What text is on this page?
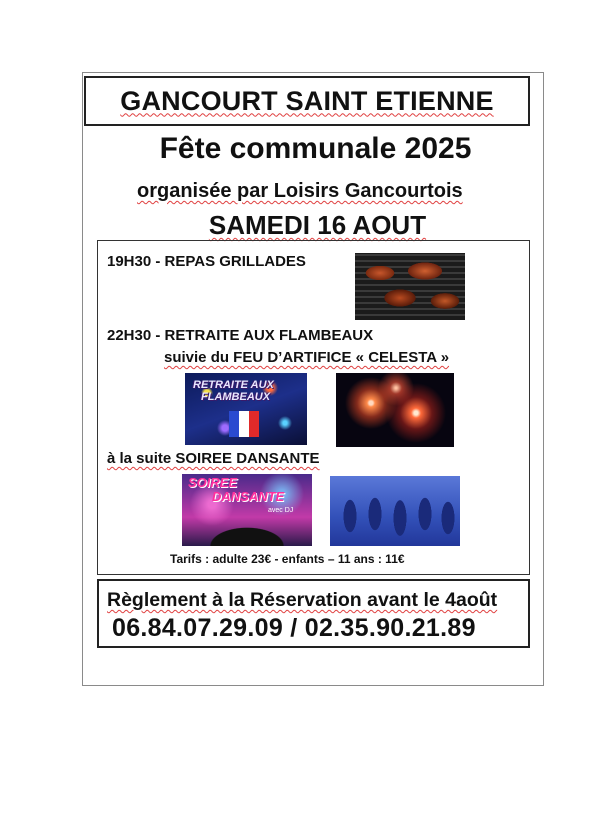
GANCOURT SAINT ETIENNE
Fête communale 2025
organisée par Loisirs Gancourtois
SAMEDI 16 AOUT
19H30 - REPAS GRILLADES
22H30 - RETRAITE AUX FLAMBEAUX
suivie du FEU D’ARTIFICE « CELESTA »
RETRAITE AUX
FLAMBEAUX
à la suite SOIREE DANSANTE
SOIREE
DANSANTE
avec DJ
Tarifs : adulte 23€ - enfants – 11 ans : 11€
Règlement à la Réservation avant le 4août
06.84.07.29.09 / 02.35.90.21.89
